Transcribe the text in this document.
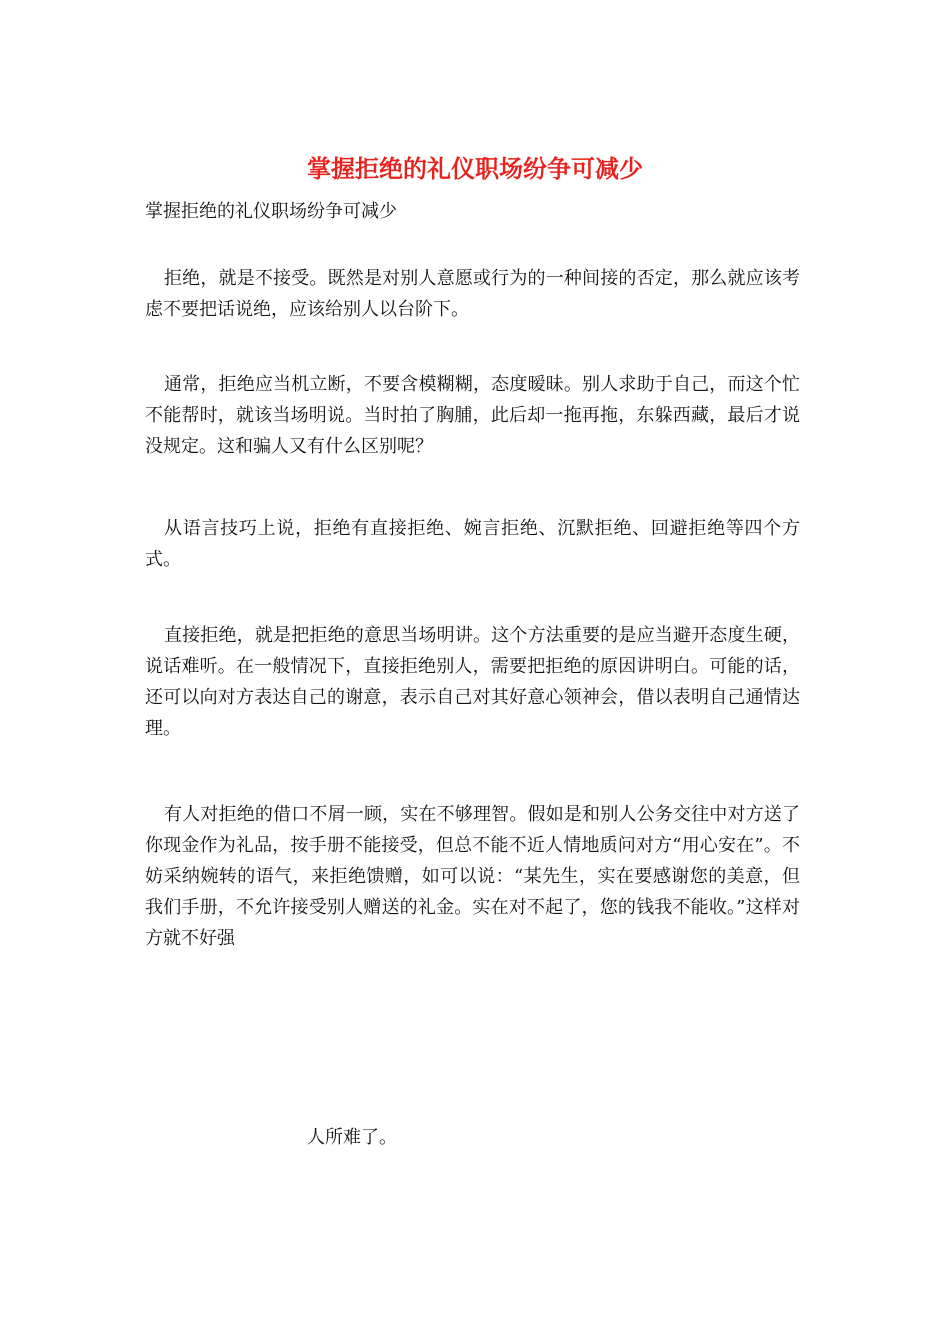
掌握拒绝的礼仪职场纷争可减少
掌握拒绝的礼仪职场纷争可减少
拒绝，就是不接受。既然是对别人意愿或行为的一种间接的否定，那么就应该考虑不要把话说绝，应该给别人以台阶下。
通常，拒绝应当机立断，不要含模糊糊，态度暧昧。别人求助于自己，而这个忙不能帮时，就该当场明说。当时拍了胸脯，此后却一拖再拖，东躲西藏，最后才说没规定。这和骗人又有什么区别呢？
从语言技巧上说，拒绝有直接拒绝、婉言拒绝、沉默拒绝、回避拒绝等四个方式。
直接拒绝，就是把拒绝的意思当场明讲。这个方法重要的是应当避开态度生硬，说话难听。在一般情况下，直接拒绝别人，需要把拒绝的原因讲明白。可能的话，还可以向对方表达自己的谢意，表示自己对其好意心领神会，借以表明自己通情达理。
有人对拒绝的借口不屑一顾，实在不够理智。假如是和别人公务交往中对方送了你现金作为礼品，按手册不能接受，但总不能不近人情地质问对方“用心安在”。不妨采纳婉转的语气，来拒绝馈赠，如可以说：“某先生，实在要感谢您的美意，但我们手册，不允许接受别人赠送的礼金。实在对不起了，您的钱我不能收。”这样对方就不好强
人所难了。
